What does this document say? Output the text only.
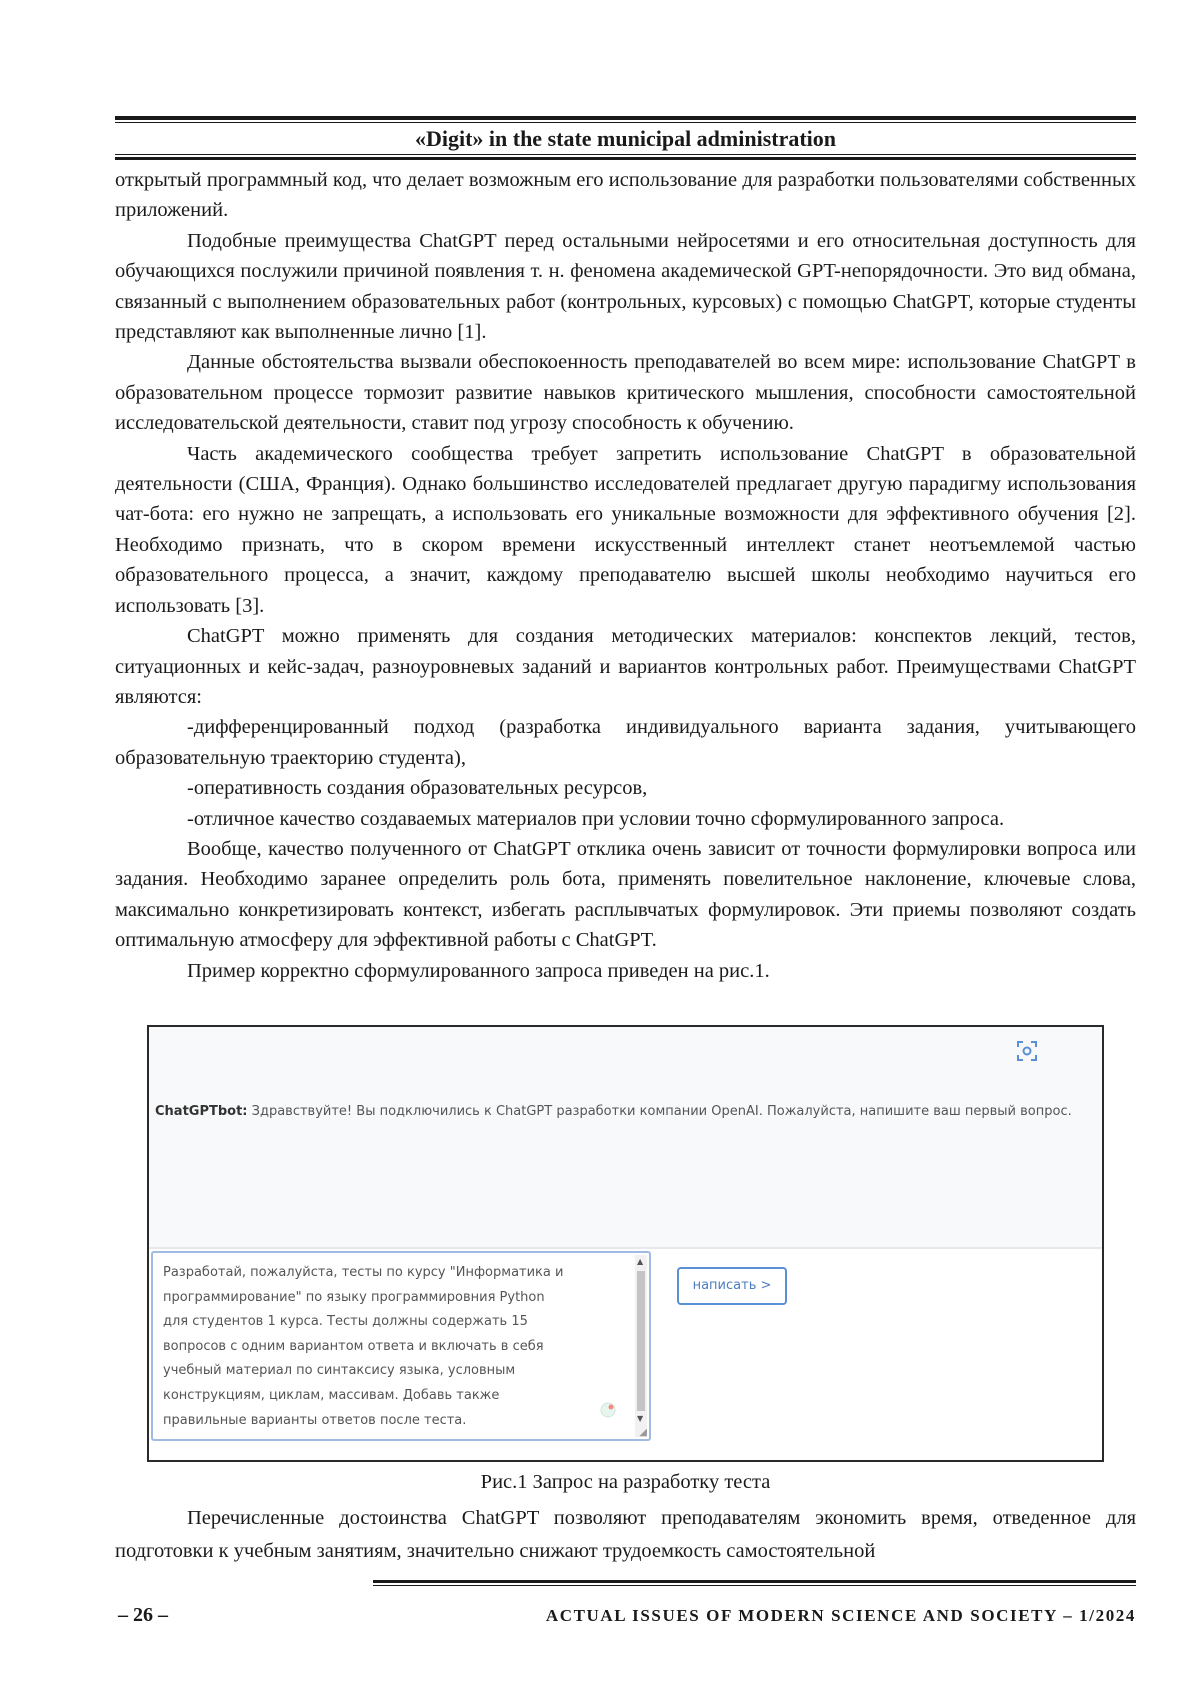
«Digit» in the state municipal administration

открытый программный код, что делает возможным его использование для разработки пользователями собственных приложений.

Подобные преимущества ChatGPT перед остальными нейросетями и его относительная доступность для обучающихся послужили причиной появления т. н. феномена академической GPT-непорядочности. Это вид обмана, связанный с выполнением образовательных работ (контрольных, курсовых) с помощью ChatGPT, которые студенты представляют как выполненные лично [1].

Данные обстоятельства вызвали обеспокоенность преподавателей во всем мире: использование ChatGPT в образовательном процессе тормозит развитие навыков критического мышления, способности самостоятельной исследовательской деятельности, ставит под угрозу способность к обучению.

Часть академического сообщества требует запретить использование ChatGPT в образовательной деятельности (США, Франция). Однако большинство исследователей предлагает другую парадигму использования чат-бота: его нужно не запрещать, а использовать его уникальные возможности для эффективного обучения [2]. Необходимо признать, что в скором времени искусственный интеллект станет неотъемлемой частью образовательного процесса, а значит, каждому преподавателю высшей школы необходимо научиться его использовать [3].

ChatGPT можно применять для создания методических материалов: конспектов лекций, тестов, ситуационных и кейс-задач, разноуровневых заданий и вариантов контрольных работ. Преимуществами ChatGPT являются:

-дифференцированный подход (разработка индивидуального варианта задания, учитывающего образовательную траекторию студента),

-оперативность создания образовательных ресурсов,

-отличное качество создаваемых материалов при условии точно сформулированного запроса.

Вообще, качество полученного от ChatGPT отклика очень зависит от точности формулировки вопроса или задания. Необходимо заранее определить роль бота, применять повелительное наклонение, ключевые слова, максимально конкретизировать контекст, избегать расплывчатых формулировок. Эти приемы позволяют создать оптимальную атмосферу для эффективной работы с ChatGPT.

Пример корректно сформулированного запроса приведен на рис.1.

ChatGPTbot: Здравствуйте! Вы подключились к ChatGPT разработки компании OpenAI. Пожалуйста, напишите ваш первый вопрос.
Разработай, пожалуйста, тесты по курсу "Информатика и
программирование" по языку программировния Python
для студентов 1 курса. Тесты должны содержать 15
вопросов с одним вариантом ответа и включать в себя
учебный материал по синтаксису языка, условным
конструкциям, циклам, массивам. Добавь также
правильные варианты ответов после теста.
▲
▼
◢
написать >
Рис.1 Запрос на разработку теста

Перечисленные достоинства ChatGPT позволяют преподавателям экономить время, отведенное для подготовки к учебным занятиям, значительно снижают трудоемкость самостоятельной

– 26 –	ACTUAL ISSUES OF MODERN SCIENCE AND SOCIETY – 1/2024
